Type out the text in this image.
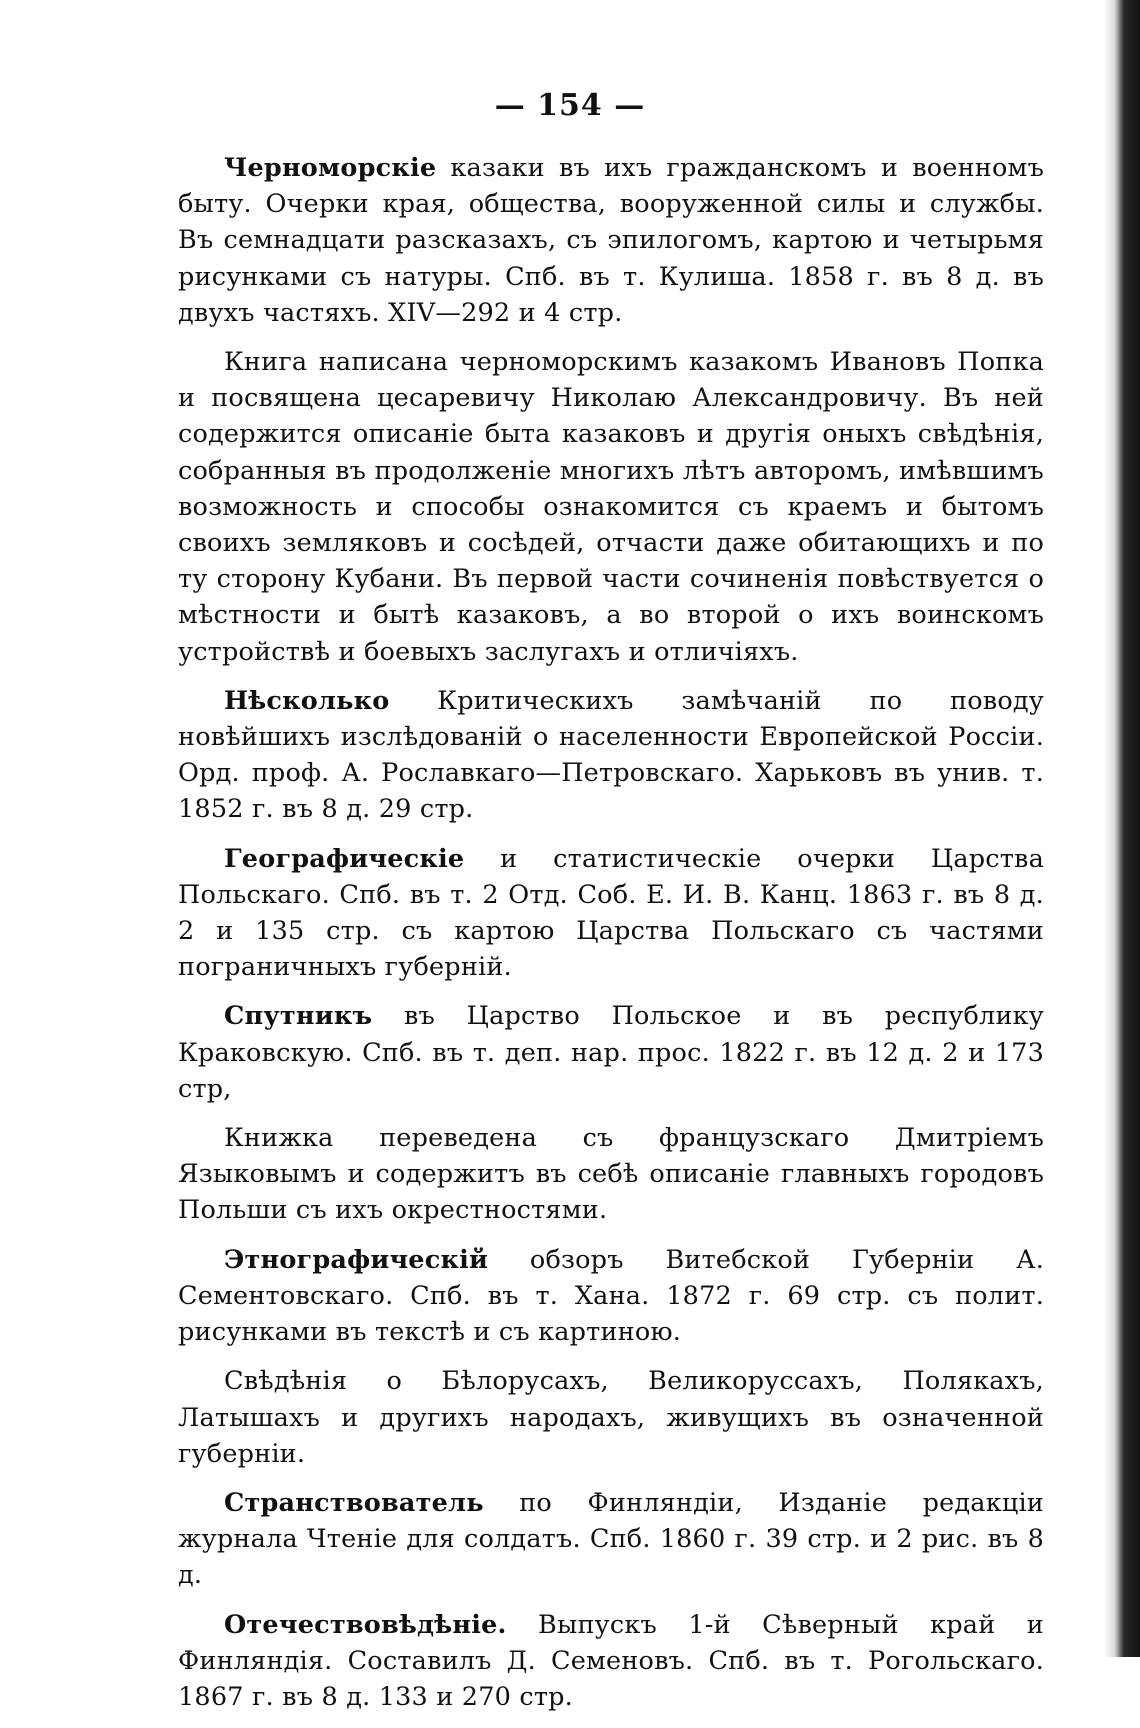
— 154 —

Черноморскіе казаки въ ихъ гражданскомъ и военномъ быту. Очерки края, общества, вооруженной силы и службы. Въ семнадцати разсказахъ, съ эпилогомъ, картою и четырьмя рисунками съ натуры. Спб. въ т. Кулиша. 1858 г. въ 8 д. въ двухъ частяхъ. XIV—292 и 4 стр.

Книга написана черноморскимъ казакомъ Ивановъ Попка и посвящена цесаревичу Николаю Александровичу. Въ ней содержится описаніе быта казаковъ и другія оныхъ свѣдѣнія, собранныя въ продолженіе многихъ лѣтъ авторомъ, имѣвшимъ возможность и способы ознакомится съ краемъ и бытомъ своихъ земляковъ и сосѣдей, отчасти даже обитающихъ и по ту сторону Кубани. Въ первой части сочиненія повѣствуется о мѣстности и бытѣ казаковъ, а во второй о ихъ воинскомъ устройствѣ и боевыхъ заслугахъ и отличіяхъ.

Нѣсколько Критическихъ замѣчаній по поводу новѣйшихъ изслѣдованій о населенности Европейской Россіи. Орд. проф. А. Рославкаго—Петровскаго. Харьковъ въ унив. т. 1852 г. въ 8 д. 29 стр.

Географическіе и статистическіе очерки Царства Польскаго. Спб. въ т. 2 Отд. Соб. Е. И. В. Канц. 1863 г. въ 8 д. 2 и 135 стр. съ картою Царства Польскаго съ частями пограничныхъ губерній.

Спутникъ въ Царство Польское и въ республику Краковскую. Спб. въ т. деп. нар. прос. 1822 г. въ 12 д. 2 и 173 стр,

Книжка переведена съ французскаго Дмитріемъ Языковымъ и содержитъ въ себѣ описаніе главныхъ городовъ Польши съ ихъ окрестностями.

Этнографическій обзоръ Витебской Губерніи А. Сементовскаго. Спб. въ т. Хана. 1872 г. 69 стр. съ полит. рисунками въ текстѣ и съ картиною.

Свѣдѣнія о Бѣлорусахъ, Великоруссахъ, Полякахъ, Латышахъ и другихъ народахъ, живущихъ въ означенной губерніи.

Странствователь по Финляндіи, Изданіе редакціи журнала Чтеніе для солдатъ. Спб. 1860 г. 39 стр. и 2 рис. въ 8 д.

Отечествовѣдѣніе. Выпускъ 1-й Сѣверный край и Финляндія. Составилъ Д. Семеновъ. Спб. въ т. Рогольскаго. 1867 г. въ 8 д. 133 и 270 стр.
